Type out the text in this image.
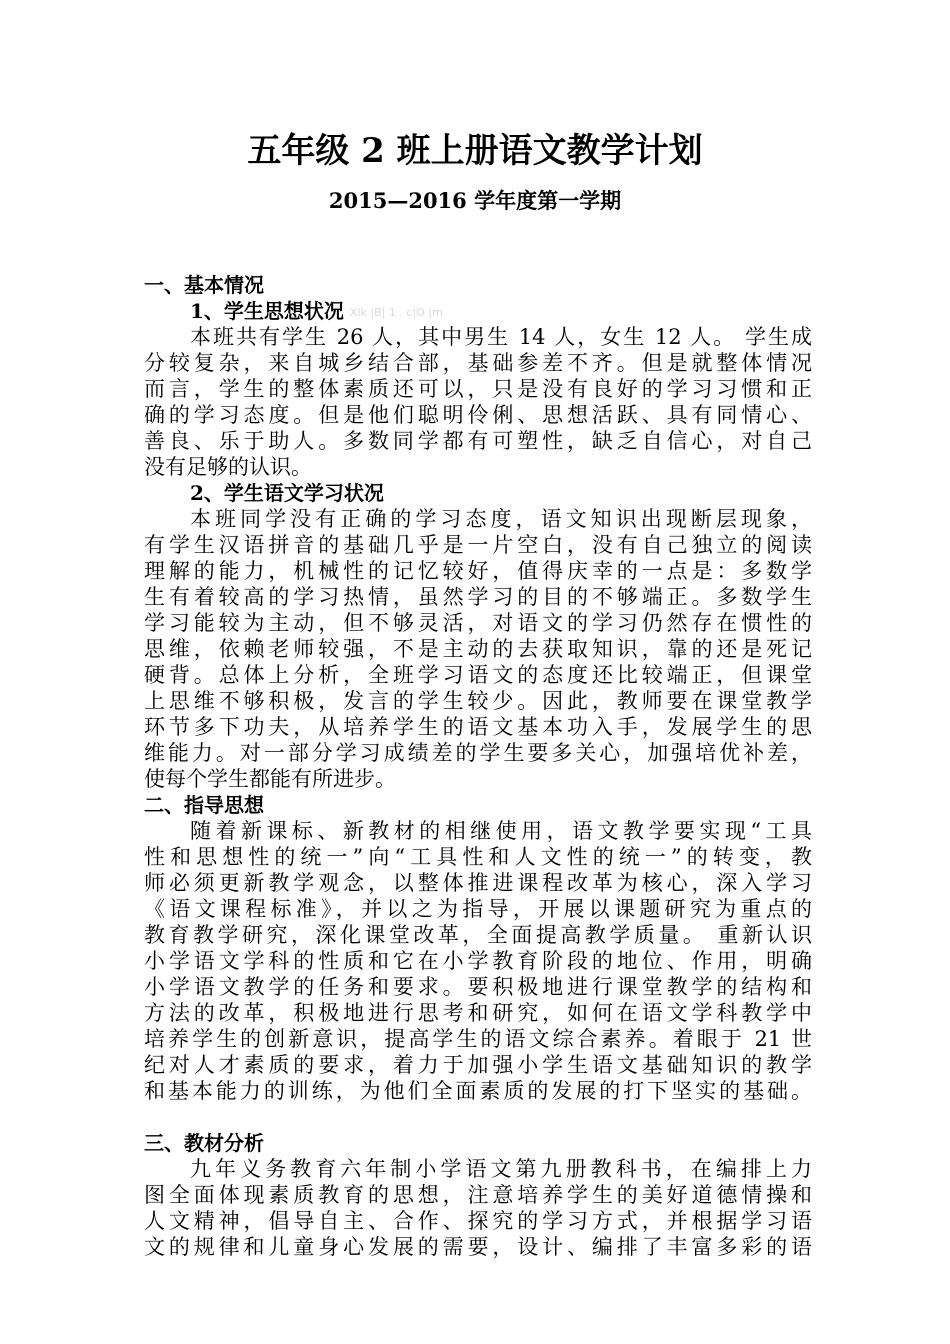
五年级 2 班上册语文教学计划
2015—2016 学年度第一学期
一、基本情况
1、学生思想状况 Xlk |B| 1 . c|O |m
本班共有学生 26 人，其中男生 14 人，女生 12 人。 学生成
分较复杂，来自城乡结合部，基础参差不齐。但是就整体情况
而言，学生的整体素质还可以，只是没有良好的学习习惯和正
确的学习态度。但是他们聪明伶俐、思想活跃、具有同情心、
善良、乐于助人。多数同学都有可塑性，缺乏自信心，对自己
没有足够的认识。
2、学生语文学习状况
本班同学没有正确的学习态度，语文知识出现断层现象，
有学生汉语拼音的基础几乎是一片空白，没有自己独立的阅读
理解的能力，机械性的记忆较好，值得庆幸的一点是：多数学
生有着较高的学习热情，虽然学习的目的不够端正。多数学生
学习能较为主动，但不够灵活，对语文的学习仍然存在惯性的
思维，依赖老师较强，不是主动的去获取知识，靠的还是死记
硬背。总体上分析，全班学习语文的态度还比较端正，但课堂
上思维不够积极，发言的学生较少。因此，教师要在课堂教学
环节多下功夫，从培养学生的语文基本功入手，发展学生的思
维能力。对一部分学习成绩差的学生要多关心，加强培优补差，
使每个学生都能有所进步。
二、指导思想
随着新课标、新教材的相继使用，语文教学要实现“工具
性和思想性的统一”向“工具性和人文性的统一”的转变，教
师必须更新教学观念，以整体推进课程改革为核心，深入学习
《语文课程标准》，并以之为指导，开展以课题研究为重点的
教育教学研究，深化课堂改革，全面提高教学质量。 重新认识
小学语文学科的性质和它在小学教育阶段的地位、作用，明确
小学语文教学的任务和要求。要积极地进行课堂教学的结构和
方法的改革，积极地进行思考和研究，如何在语文学科教学中
培养学生的创新意识，提高学生的语文综合素养。着眼于 21 世
纪对人才素质的要求，着力于加强小学生语文基础知识的教学
和基本能力的训练，为他们全面素质的发展的打下坚实的基础。
三、教材分析
九年义务教育六年制小学语文第九册教科书，在编排上力
图全面体现素质教育的思想，注意培养学生的美好道德情操和
人文精神，倡导自主、合作、探究的学习方式，并根据学习语
文的规律和儿童身心发展的需要，设计、编排了丰富多彩的语
